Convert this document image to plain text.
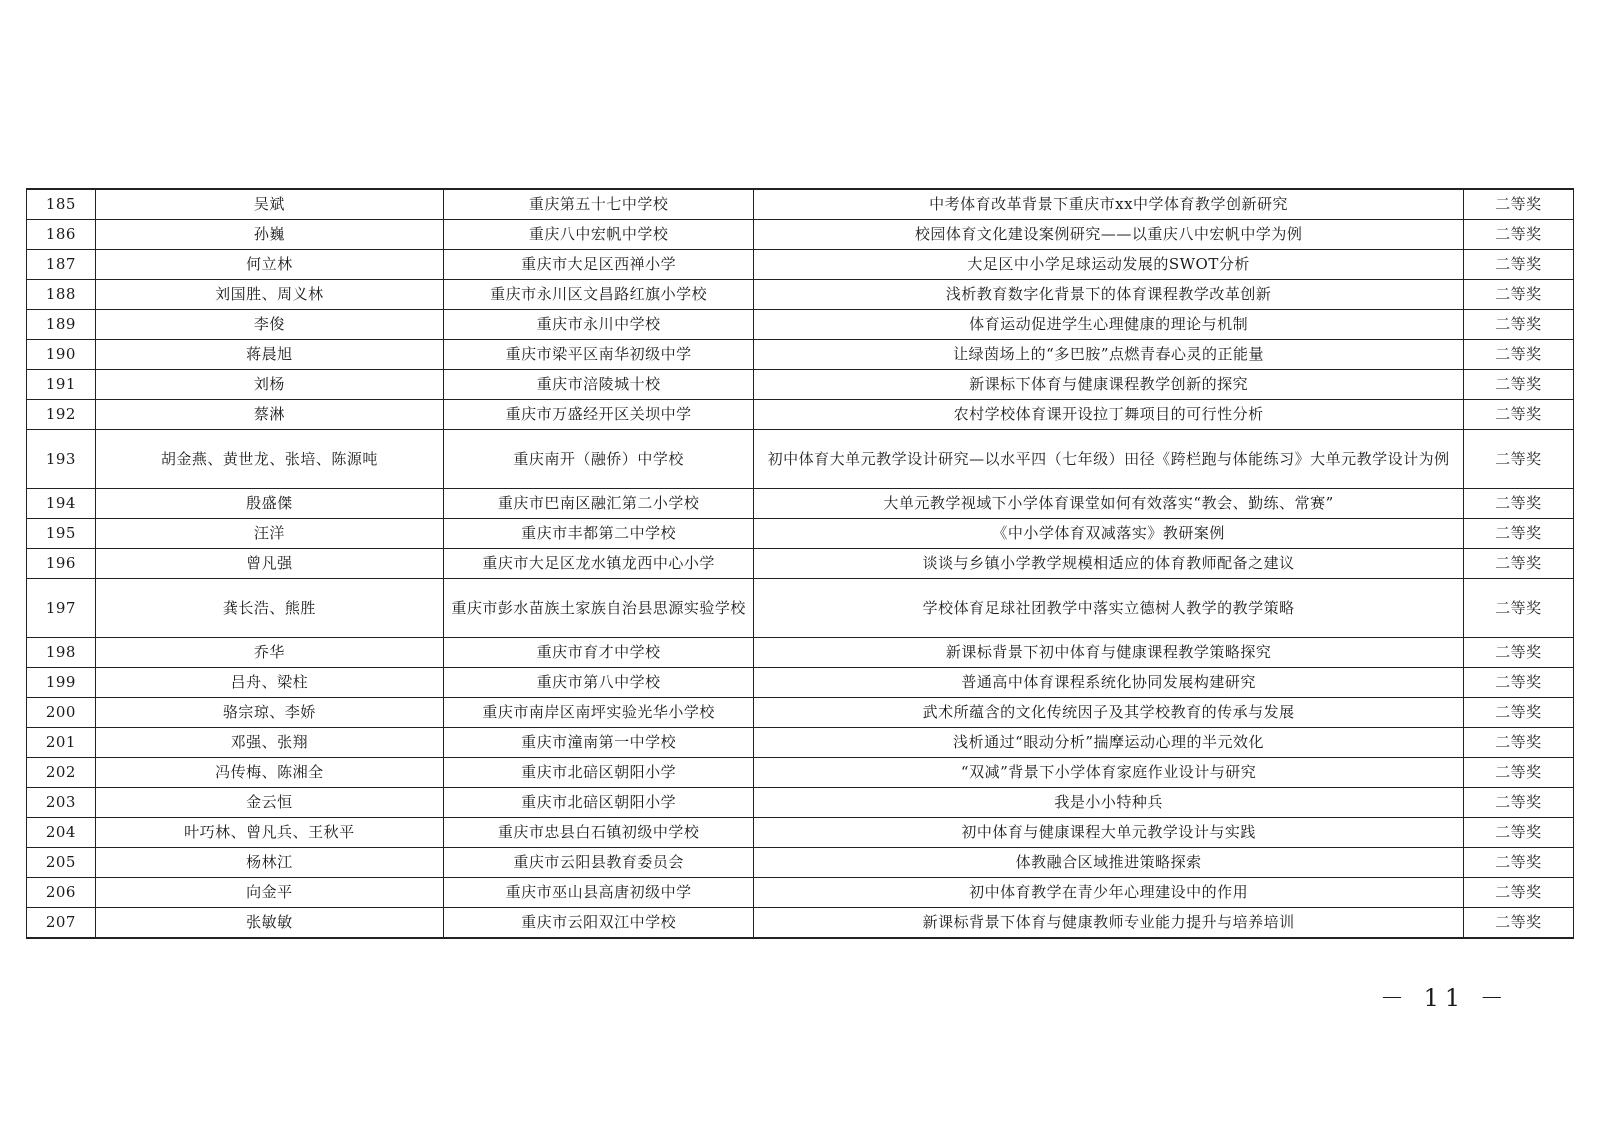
185	吴斌	重庆第五十七中学校	中考体育改革背景下重庆市xx中学体育教学创新研究	二等奖
186	孙巍	重庆八中宏帆中学校	校园体育文化建设案例研究——以重庆八中宏帆中学为例	二等奖
187	何立林	重庆市大足区西禅小学	大足区中小学足球运动发展的SWOT分析	二等奖
188	刘国胜、周义林	重庆市永川区文昌路红旗小学校	浅析教育数字化背景下的体育课程教学改革创新	二等奖
189	李俊	重庆市永川中学校	体育运动促进学生心理健康的理论与机制	二等奖
190	蒋晨旭	重庆市梁平区南华初级中学	让绿茵场上的“多巴胺”点燃青春心灵的正能量	二等奖
191	刘杨	重庆市涪陵城十校	新课标下体育与健康课程教学创新的探究	二等奖
192	蔡淋	重庆市万盛经开区关坝中学	农村学校体育课开设拉丁舞项目的可行性分析	二等奖
193	胡金燕、黄世龙、张培、陈源吨	重庆南开（融侨）中学校	初中体育大单元教学设计研究—以水平四（七年级）田径《跨栏跑与体能练习》大单元教学设计为例	二等奖
194	殷盛傑	重庆市巴南区融汇第二小学校	大单元教学视域下小学体育课堂如何有效落实“教会、勤练、常赛”	二等奖
195	汪洋	重庆市丰都第二中学校	《中小学体育双减落实》教研案例	二等奖
196	曾凡强	重庆市大足区龙水镇龙西中心小学	谈谈与乡镇小学教学规模相适应的体育教师配备之建议	二等奖
197	龚长浩、熊胜	重庆市彭水苗族土家族自治县思源实验学校	学校体育足球社团教学中落实立德树人教学的教学策略	二等奖
198	乔华	重庆市育才中学校	新课标背景下初中体育与健康课程教学策略探究	二等奖
199	吕舟、梁柱	重庆市第八中学校	普通高中体育课程系统化协同发展构建研究	二等奖
200	骆宗琼、李娇	重庆市南岸区南坪实验光华小学校	武术所蕴含的文化传统因子及其学校教育的传承与发展	二等奖
201	邓强、张翔	重庆市潼南第一中学校	浅析通过“眼动分析”揣摩运动心理的半元效化	二等奖
202	冯传梅、陈湘全	重庆市北碚区朝阳小学	“双减”背景下小学体育家庭作业设计与研究	二等奖
203	金云恒	重庆市北碚区朝阳小学	我是小小特种兵	二等奖
204	叶巧林、曾凡兵、王秋平	重庆市忠县白石镇初级中学校	初中体育与健康课程大单元教学设计与实践	二等奖
205	杨林江	重庆市云阳县教育委员会	体教融合区域推进策略探索	二等奖
206	向金平	重庆市巫山县高唐初级中学	初中体育教学在青少年心理建设中的作用	二等奖
207	张敏敏	重庆市云阳双江中学校	新课标背景下体育与健康教师专业能力提升与培养培训	二等奖
－ 11 －
